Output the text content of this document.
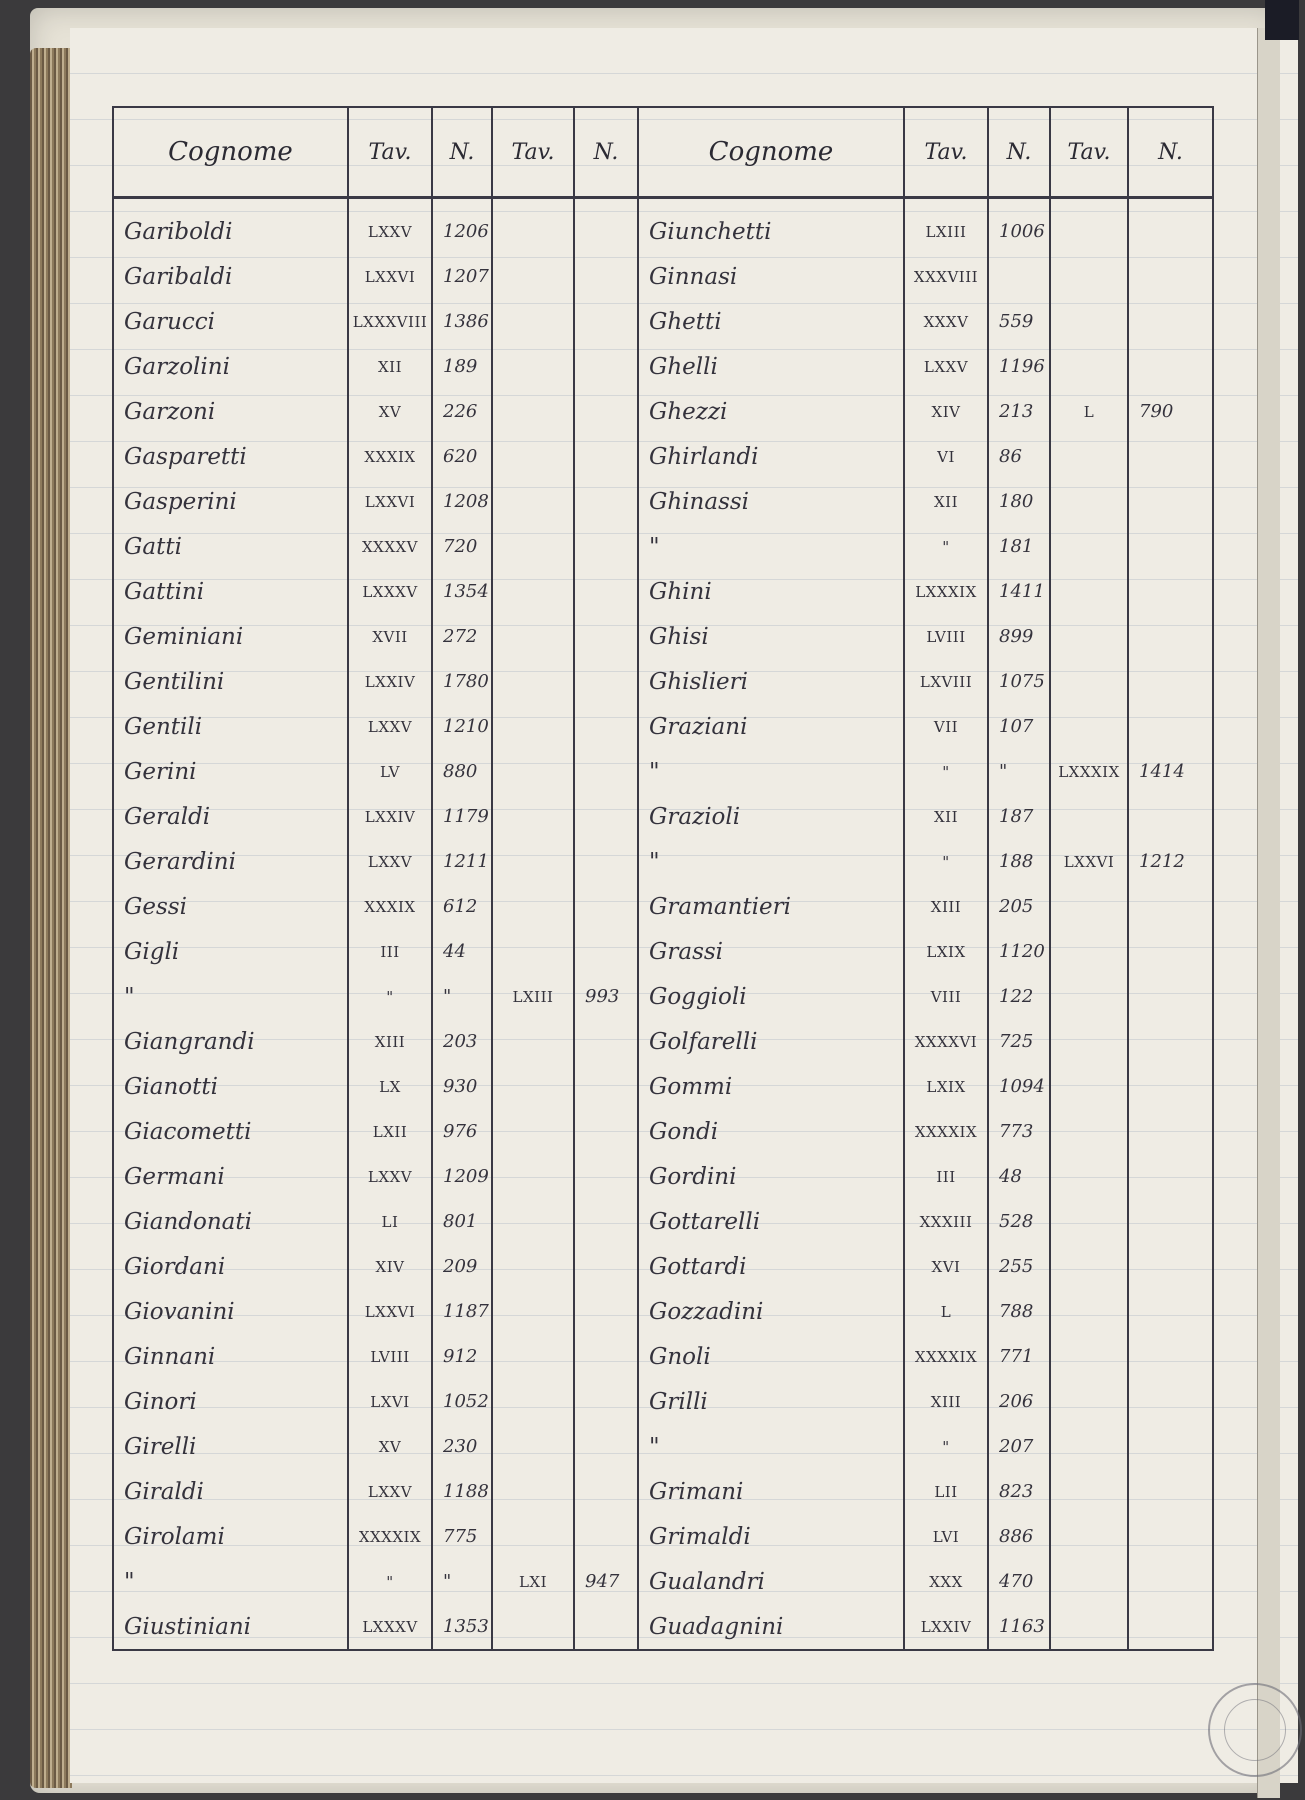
Cognome	Tav.	N.	Tav.	N.	Cognome	Tav.	N.	Tav.	N.

Gariboldi	LXXV	1206			Giunchetti	LXIII	1006		
Garibaldi	LXXVI	1207			Ginnasi	XXXVIII			
Garucci	LXXXVIII	1386			Ghetti	XXXV	559		
Garzolini	XII	189			Ghelli	LXXV	1196		
Garzoni	XV	226			Ghezzi	XIV	213	L	790
Gasparetti	XXXIX	620			Ghirlandi	VI	86		
Gasperini	LXXVI	1208			Ghinassi	XII	180		
Gatti	XXXXV	720			"	"	181		
Gattini	LXXXV	1354			Ghini	LXXXIX	1411		
Geminiani	XVII	272			Ghisi	LVIII	899		
Gentilini	LXXIV	1780			Ghislieri	LXVIII	1075		
Gentili	LXXV	1210			Graziani	VII	107		
Gerini	LV	880			"	"	"	LXXXIX	1414
Geraldi	LXXIV	1179			Grazioli	XII	187		
Gerardini	LXXV	1211			"	"	188	LXXVI	1212
Gessi	XXXIX	612			Gramantieri	XIII	205		
Gigli	III	44			Grassi	LXIX	1120		
"	"	"	LXIII	993	Goggioli	VIII	122		
Giangrandi	XIII	203			Golfarelli	XXXXVI	725		
Gianotti	LX	930			Gommi	LXIX	1094		
Giacometti	LXII	976			Gondi	XXXXIX	773		
Germani	LXXV	1209			Gordini	III	48		
Giandonati	LI	801			Gottarelli	XXXIII	528		
Giordani	XIV	209			Gottardi	XVI	255		
Giovanini	LXXVI	1187			Gozzadini	L	788		
Ginnani	LVIII	912			Gnoli	XXXXIX	771		
Ginori	LXVI	1052			Grilli	XIII	206		
Girelli	XV	230			"	"	207		
Giraldi	LXXV	1188			Grimani	LII	823		
Girolami	XXXXIX	775			Grimaldi	LVI	886		
"	"	"	LXI	947	Gualandri	XXX	470		
Giustiniani	LXXXV	1353			Guadagnini	LXXIV	1163		
